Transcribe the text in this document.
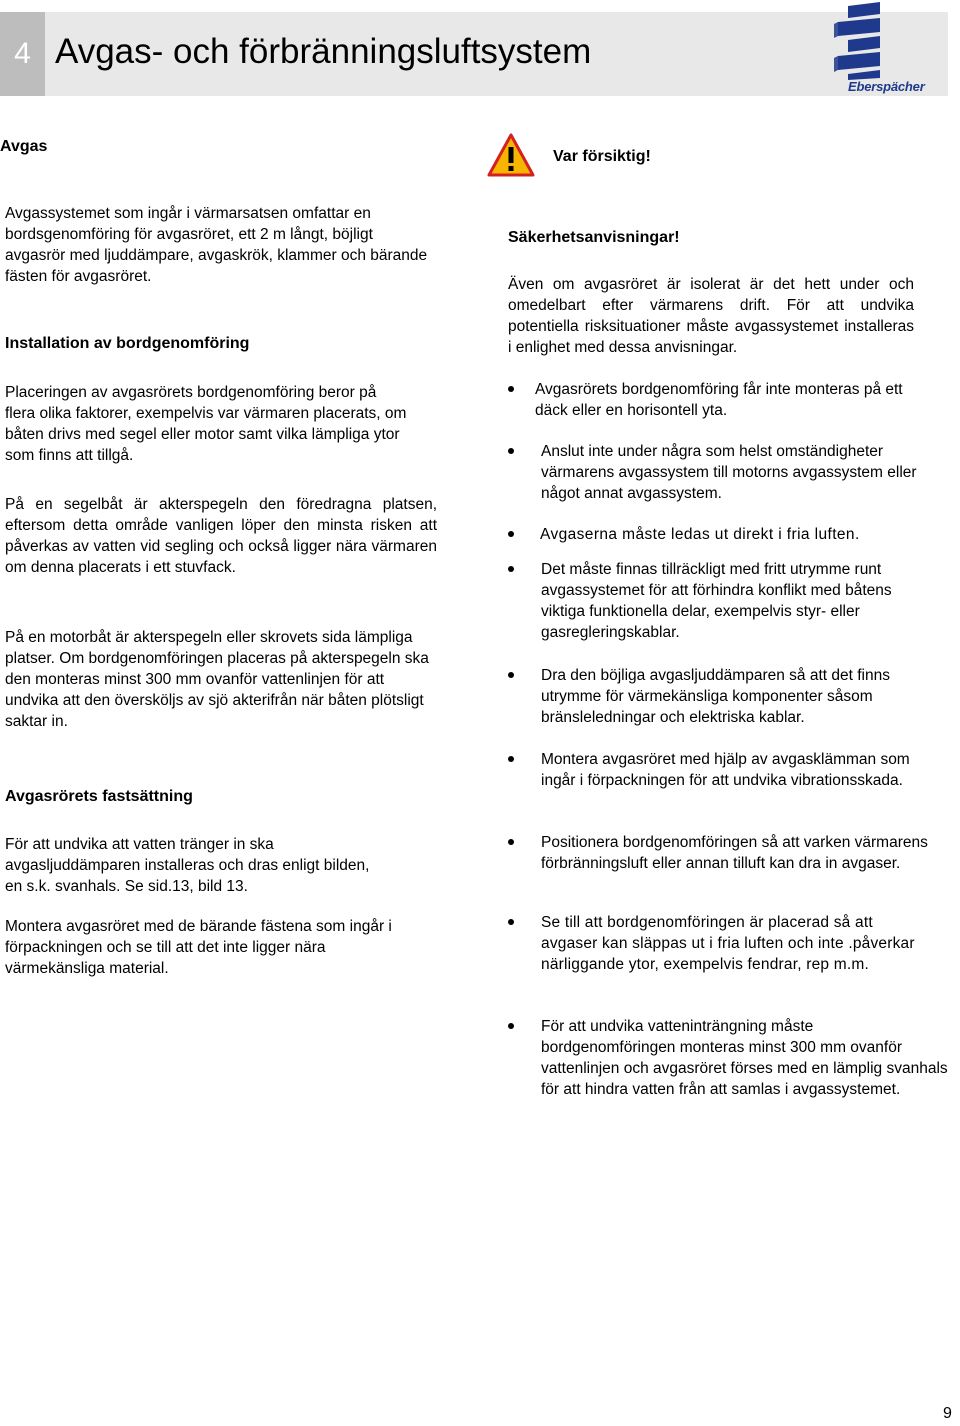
4 Avgas- och förbränningsluftsystem
Eberspächer
Avgas
Avgassystemet som ingår i värmarsatsen omfattar en bordsgenomföring för avgasröret, ett 2 m långt, böjligt avgasrör med ljuddämpare, avgaskrök, klammer och bärande fästen för avgasröret.
Installation av bordgenomföring
Placeringen av avgasrörets bordgenomföring beror på flera olika faktorer, exempelvis var värmaren placerats, om båten drivs med segel eller motor samt vilka lämpliga ytor som finns att tillgå.
På en segelbåt är akterspegeln den föredragna platsen, eftersom detta område vanligen löper den minsta risken att påverkas av vatten vid segling och också ligger nära värmaren om denna placerats i ett stuvfack.
På en motorbåt är akterspegeln eller skrovets sida lämpliga platser. Om bordgenomföringen placeras på akterspegeln ska den monteras minst 300 mm ovanför vattenlinjen för att undvika att den översköljs av sjö akterifrån när båten plötsligt saktar in.
Avgasrörets fastsättning
För att undvika att vatten tränger in ska avgasljuddämparen installeras och dras enligt bilden, en s.k. svanhals. Se sid.13, bild 13.
Montera avgasröret med de bärande fästena som ingår i förpackningen och se till att det inte ligger nära värmekänsliga material.
Var försiktig!
Säkerhetsanvisningar!
Även om avgasröret är isolerat är det hett under och omedelbart efter värmarens drift. För att undvika potentiella risksituationer måste avgassystemet installeras i enlighet med dessa anvisningar.
Avgasrörets bordgenomföring får inte monteras på ett däck eller en horisontell yta.
Anslut inte under några som helst omständigheter värmarens avgassystem till motorns avgassystem eller något annat avgassystem.
Avgaserna måste ledas ut direkt i fria luften.
Det måste finnas tillräckligt med fritt utrymme runt avgassystemet för att förhindra konflikt med båtens viktiga funktionella delar, exempelvis styr- eller gasregleringskablar.
Dra den böjliga avgasljuddämparen så att det finns utrymme för värmekänsliga komponenter såsom bränsleledningar och elektriska kablar.
Montera avgasröret med hjälp av avgasklämman som ingår i förpackningen för att undvika vibrationsskada.
Positionera bordgenomföringen så att varken värmarens förbränningsluft eller annan tilluft kan dra in avgaser.
Se till att bordgenomföringen är placerad så att avgaser kan släppas ut i fria luften och inte .påverkar närliggande ytor, exempelvis fendrar, rep m.m.
För att undvika vatteninträngning måste bordgenomföringen monteras minst 300 mm ovanför vattenlinjen och avgasröret förses med en lämplig svanhals för att hindra vatten från att samlas i avgassystemet.
9
